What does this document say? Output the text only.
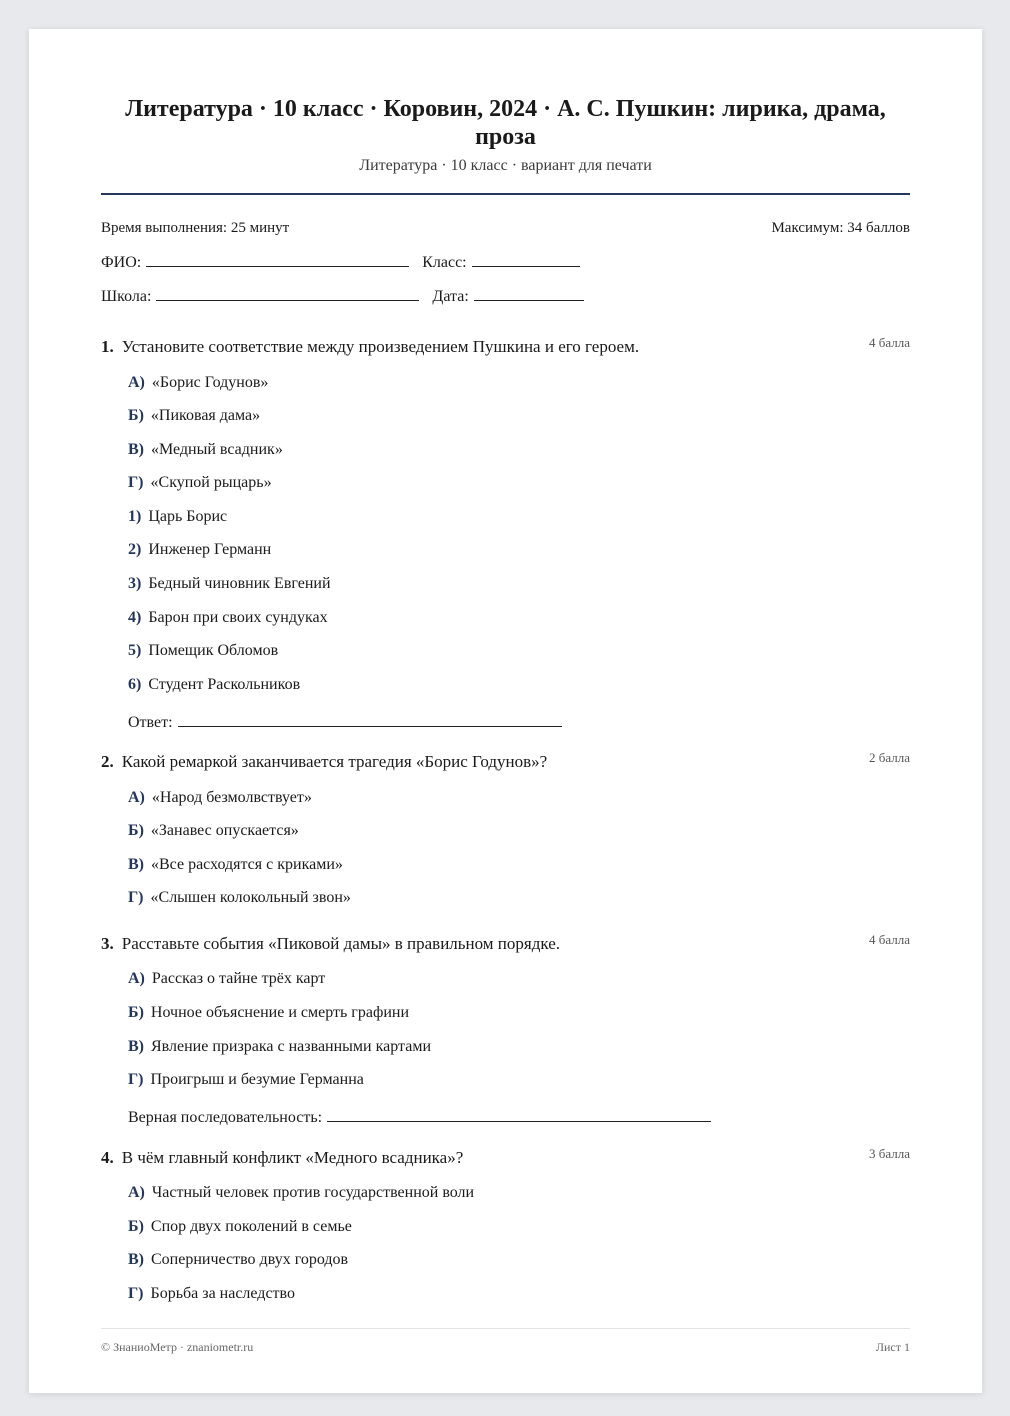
Литература · 10 класс · Коровин, 2024 · А. С. Пушкин: лирика, драма, проза
Литература · 10 класс · вариант для печати
Время выполнения: 25 минут	Максимум: 34 баллов
ФИО:	Класс:
Школа:	Дата:
1. Установите соответствие между произведением Пушкина и его героем.	4 балла
А) «Борис Годунов»
Б) «Пиковая дама»
В) «Медный всадник»
Г) «Скупой рыцарь»
1) Царь Борис
2) Инженер Германн
3) Бедный чиновник Евгений
4) Барон при своих сундуках
5) Помещик Обломов
6) Студент Раскольников
Ответ:
2. Какой ремаркой заканчивается трагедия «Борис Годунов»?	2 балла
А) «Народ безмолвствует»
Б) «Занавес опускается»
В) «Все расходятся с криками»
Г) «Слышен колокольный звон»
3. Расставьте события «Пиковой дамы» в правильном порядке.	4 балла
А) Рассказ о тайне трёх карт
Б) Ночное объяснение и смерть графини
В) Явление призрака с названными картами
Г) Проигрыш и безумие Германна
Верная последовательность:
4. В чём главный конфликт «Медного всадника»?	3 балла
А) Частный человек против государственной воли
Б) Спор двух поколений в семье
В) Соперничество двух городов
Г) Борьба за наследство
© ЗнаниоМетр · znaniometr.ru	Лист 1
